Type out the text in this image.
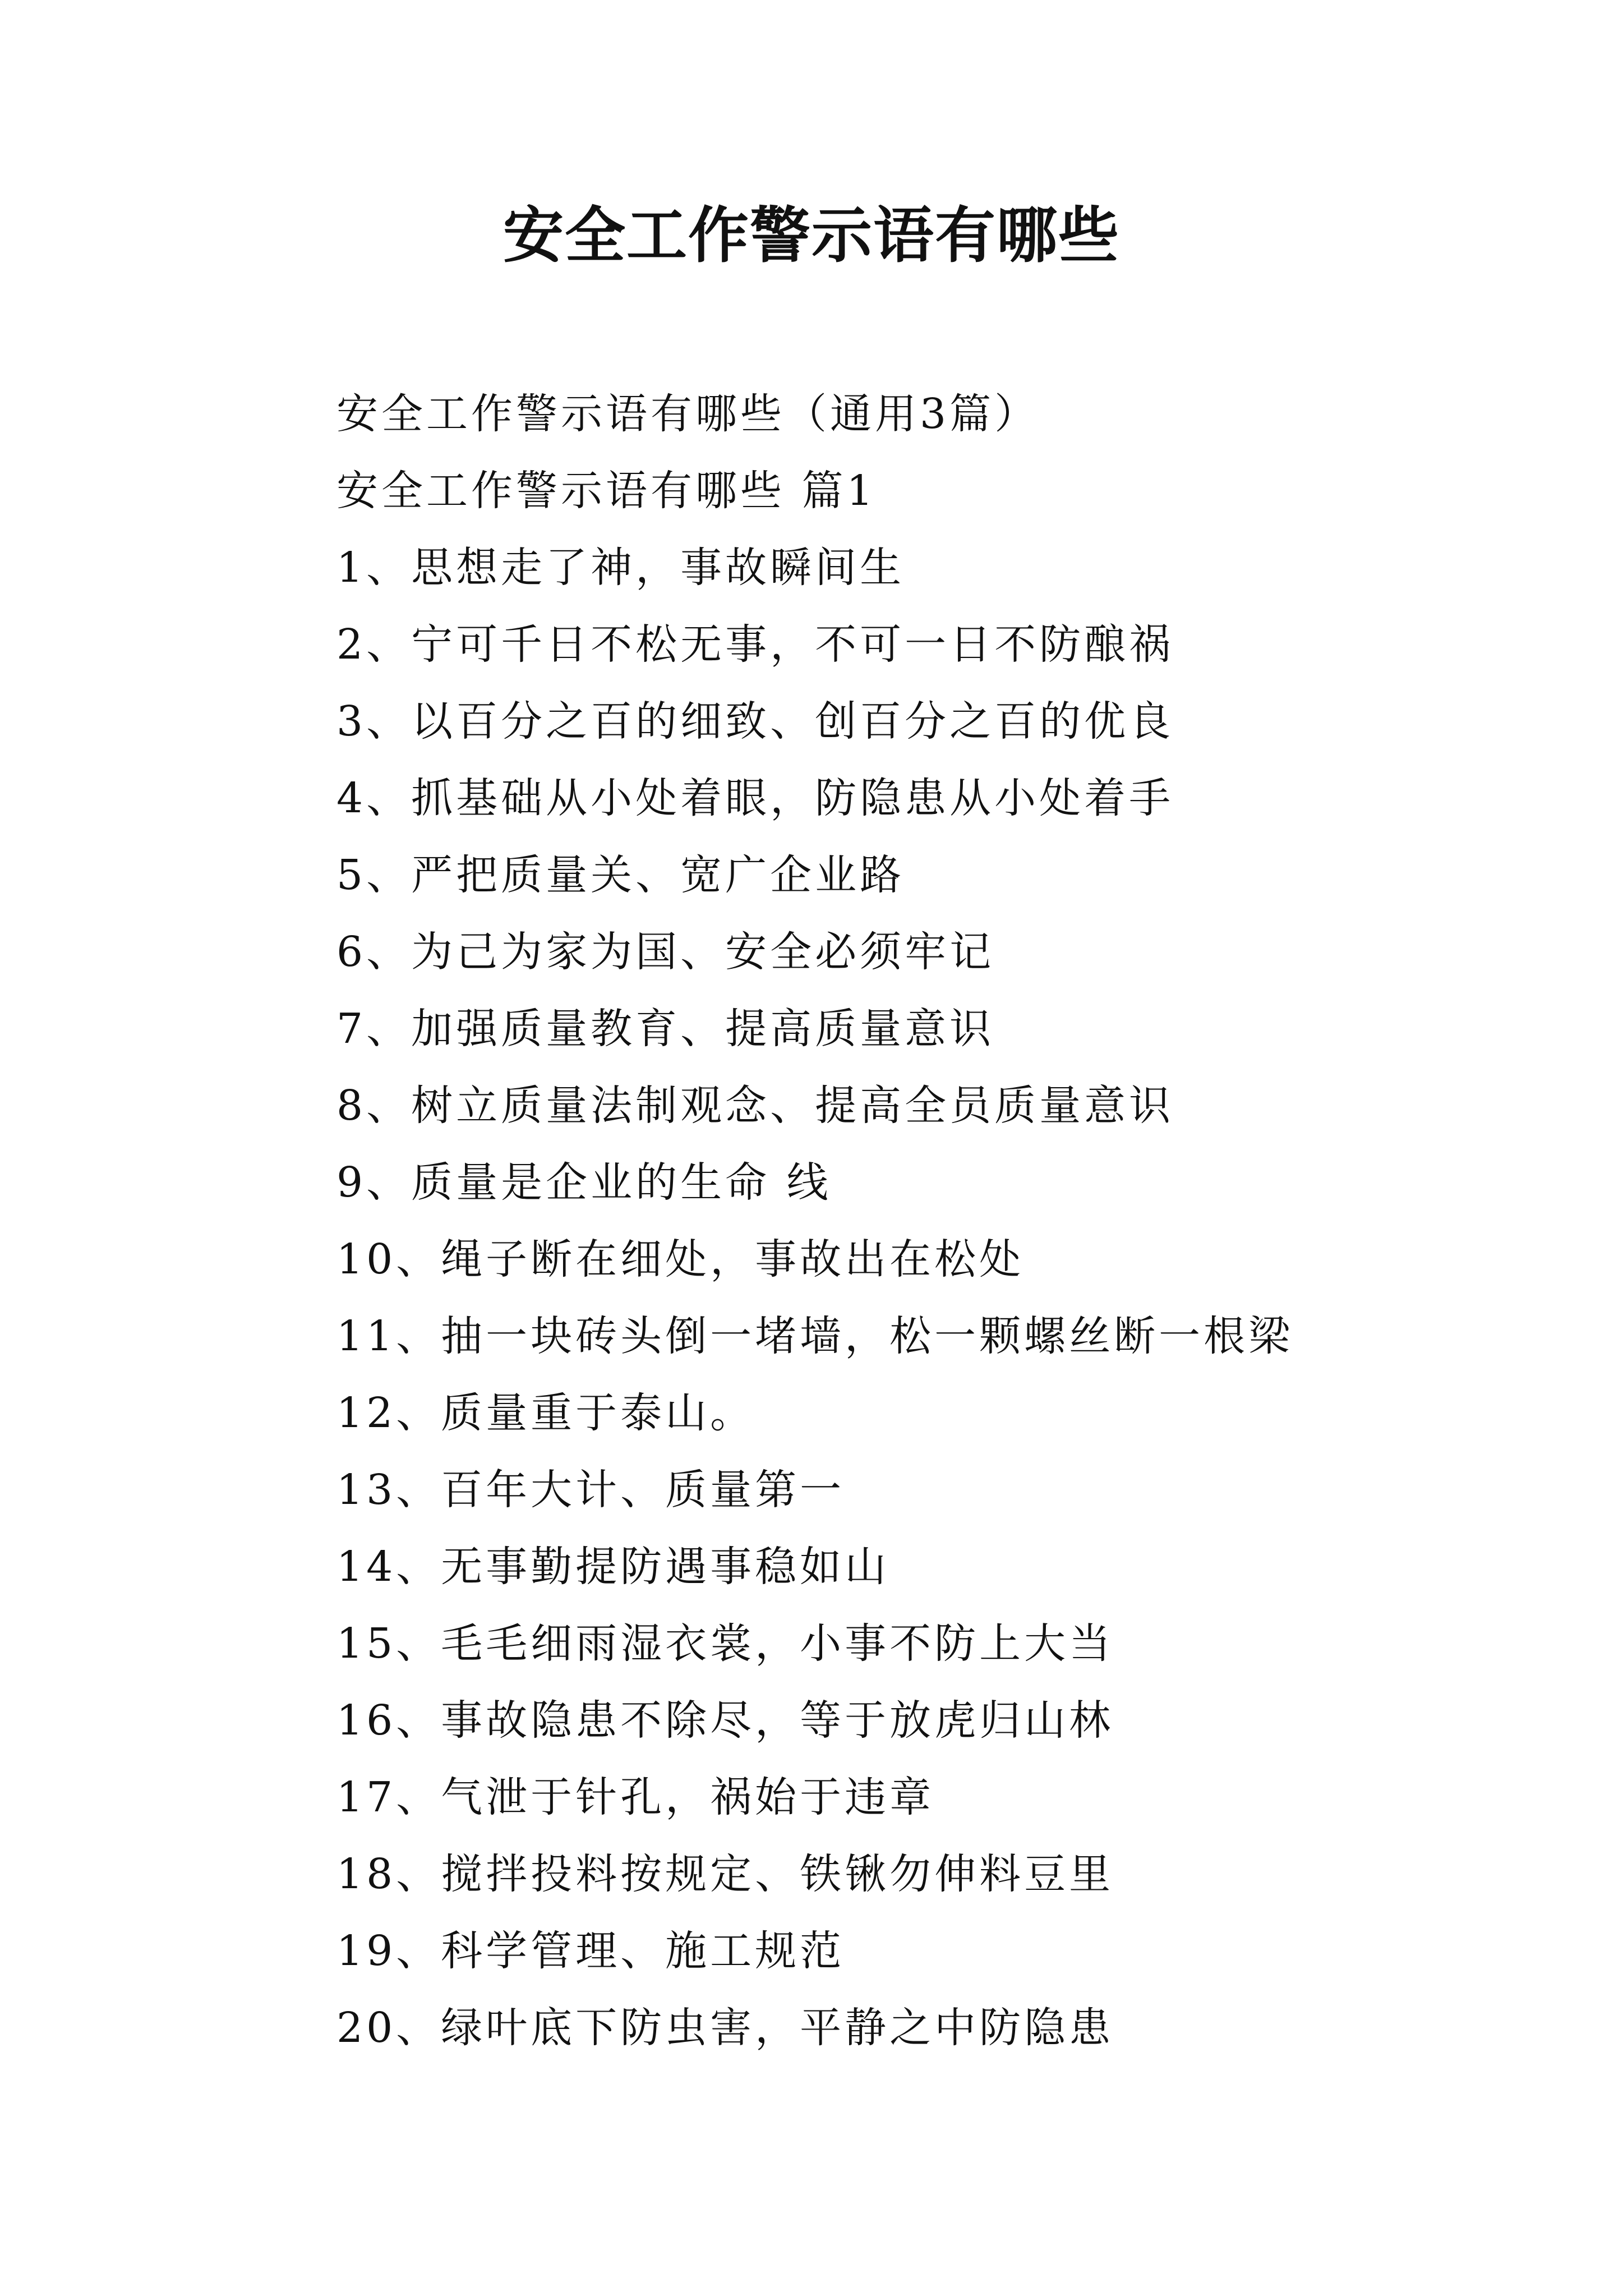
安全工作警示语有哪些

安全工作警示语有哪些（通用3篇）

安全工作警示语有哪些 篇1

1、思想走了神，事故瞬间生

2、宁可千日不松无事，不可一日不防酿祸

3、以百分之百的细致、创百分之百的优良

4、抓基础从小处着眼，防隐患从小处着手

5、严把质量关、宽广企业路

6、为己为家为国、安全必须牢记

7、加强质量教育、提高质量意识

8、树立质量法制观念、提高全员质量意识

9、质量是企业的生命 线

10、绳子断在细处，事故出在松处

11、抽一块砖头倒一堵墙，松一颗螺丝断一根梁

12、质量重于泰山。

13、百年大计、质量第一

14、无事勤提防遇事稳如山

15、毛毛细雨湿衣裳，小事不防上大当

16、事故隐患不除尽，等于放虎归山林

17、气泄于针孔，祸始于违章

18、搅拌投料按规定、铁锹勿伸料豆里

19、科学管理、施工规范

20、绿叶底下防虫害，平静之中防隐患
